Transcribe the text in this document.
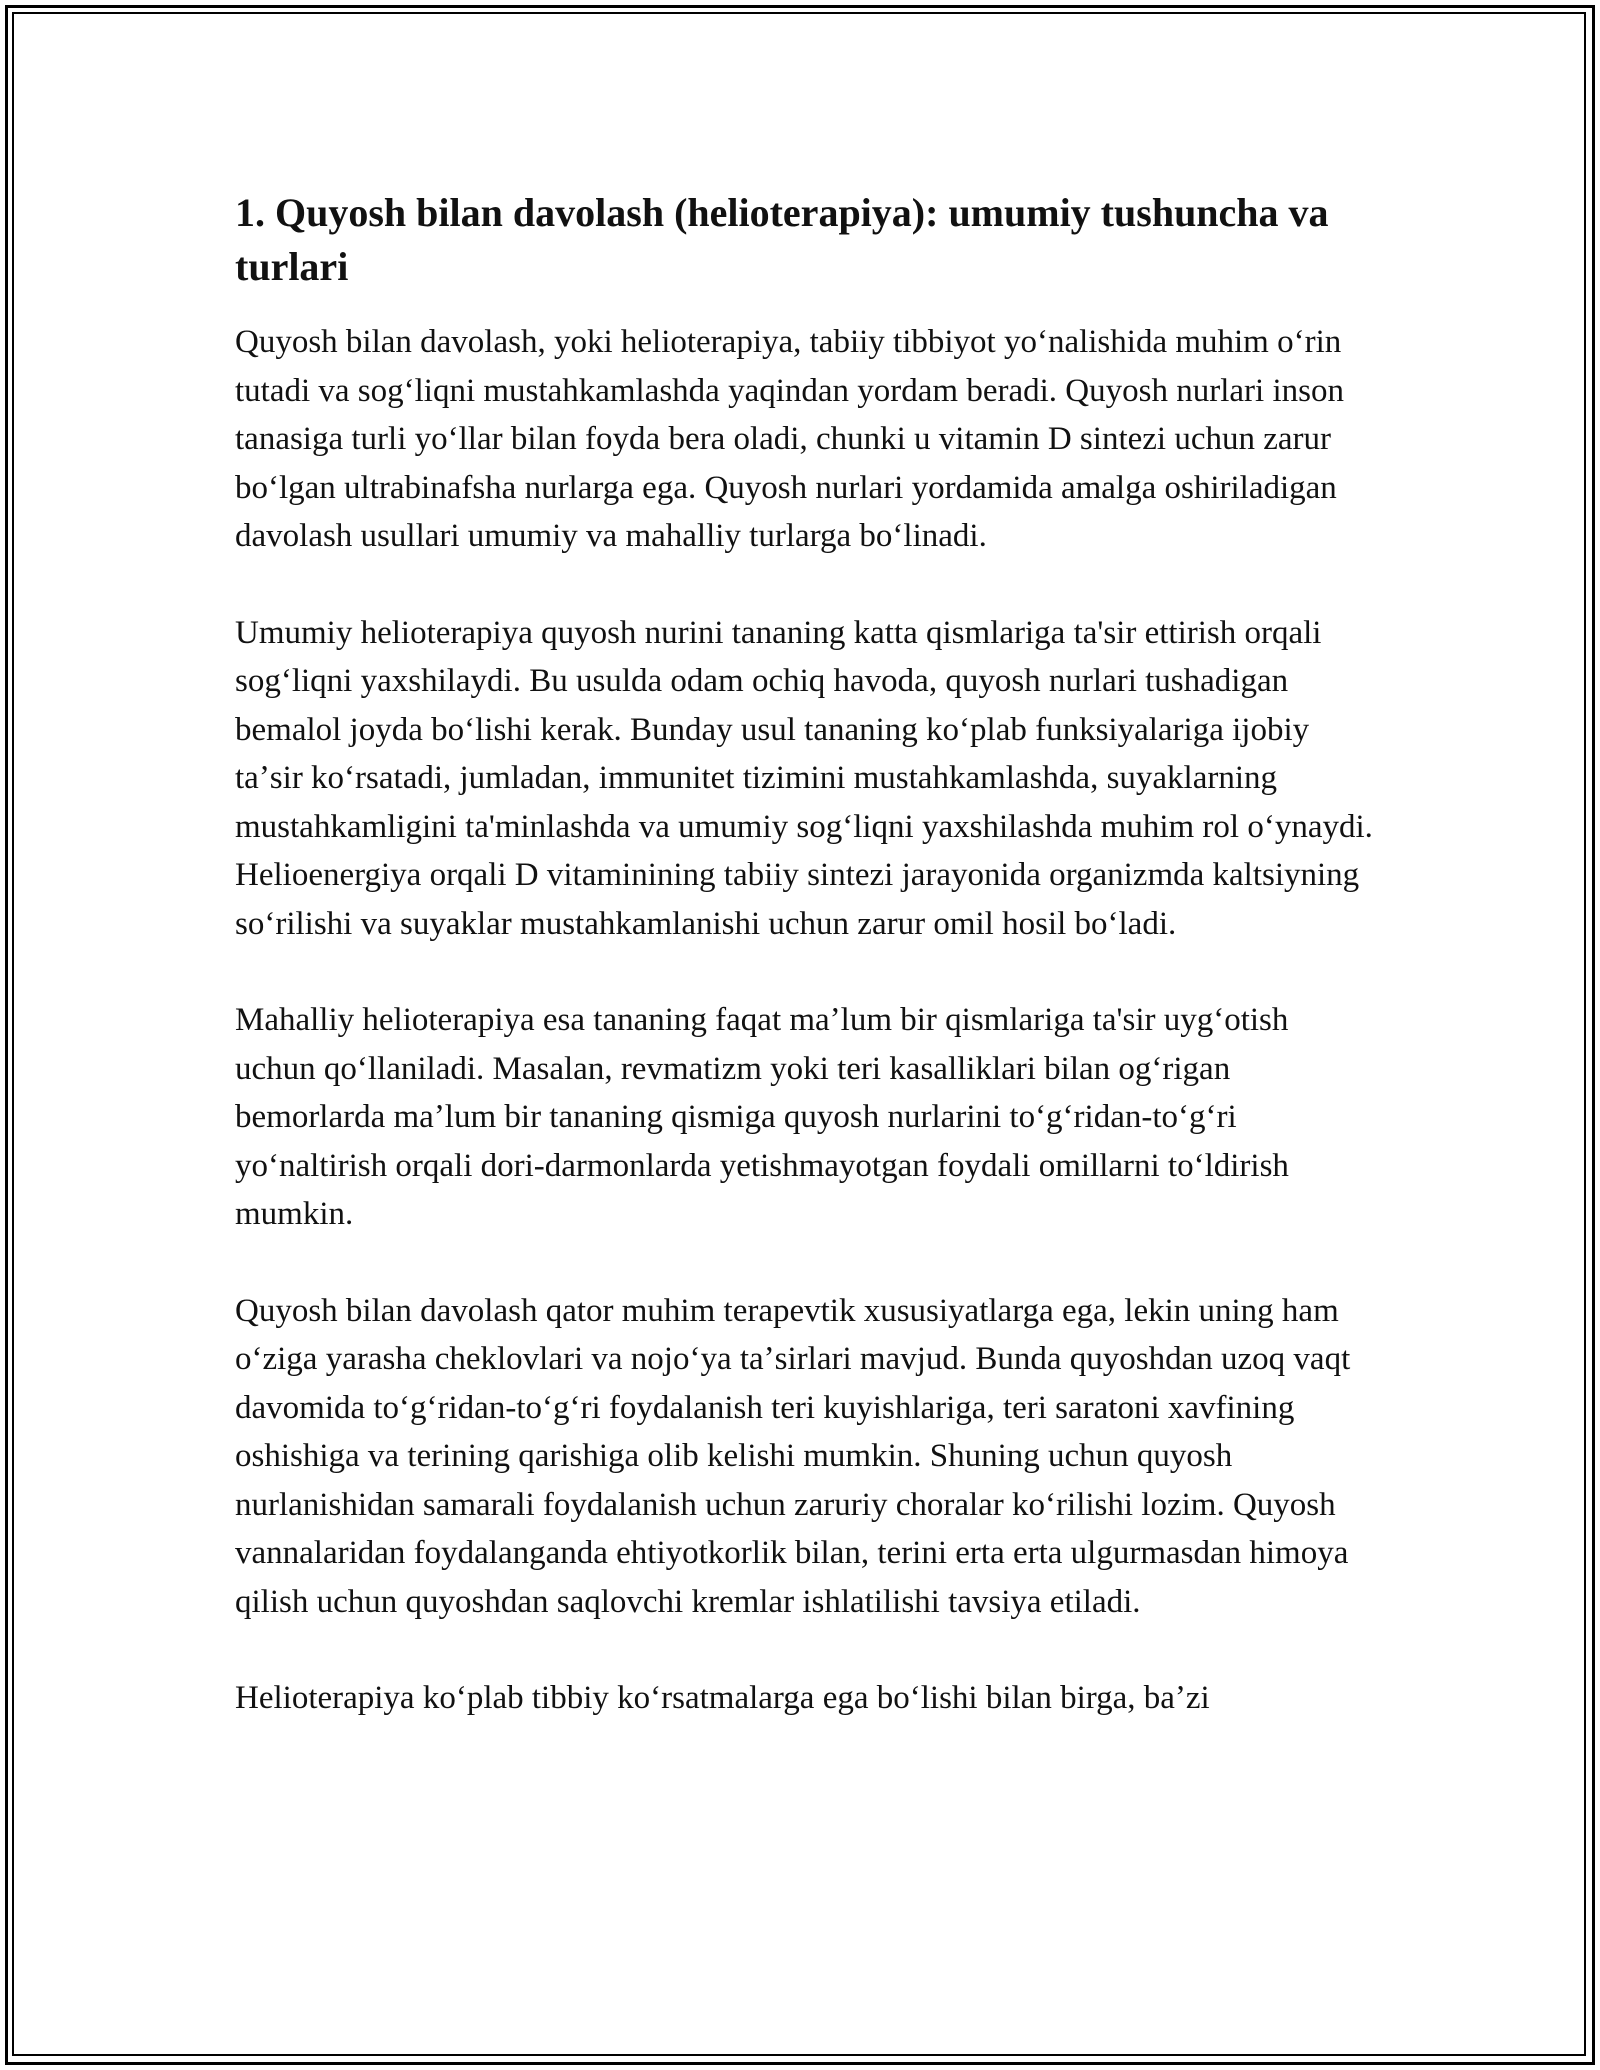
1. Quyosh bilan davolash (helioterapiya): umumiy tushuncha va turlari

Quyosh bilan davolash, yoki helioterapiya, tabiiy tibbiyot yoʻnalishida muhim oʻrin tutadi va sogʻliqni mustahkamlashda yaqindan yordam beradi. Quyosh nurlari inson tanasiga turli yoʻllar bilan foyda bera oladi, chunki u vitamin D sintezi uchun zarur boʻlgan ultrabinafsha nurlarga ega. Quyosh nurlari yordamida amalga oshiriladigan davolash usullari umumiy va mahalliy turlarga boʻlinadi.

Umumiy helioterapiya quyosh nurini tananing katta qismlariga ta'sir ettirish orqali sogʻliqni yaxshilaydi. Bu usulda odam ochiq havoda, quyosh nurlari tushadigan bemalol joyda boʻlishi kerak. Bunday usul tananing koʻplab funksiyalariga ijobiy taʼsir koʻrsatadi, jumladan, immunitet tizimini mustahkamlashda, suyaklarning mustahkamligini ta'minlashda va umumiy sogʻliqni yaxshilashda muhim rol oʻynaydi. Helioenergiya orqali D vitaminining tabiiy sintezi jarayonida organizmda kaltsiyning soʻrilishi va suyaklar mustahkamlanishi uchun zarur omil hosil boʻladi.

Mahalliy helioterapiya esa tananing faqat maʼlum bir qismlariga ta'sir uygʻotish uchun qoʻllaniladi. Masalan, revmatizm yoki teri kasalliklari bilan ogʻrigan bemorlarda maʼlum bir tananing qismiga quyosh nurlarini toʻgʻridan-toʻgʻri yoʻnaltirish orqali dori-darmonlarda yetishmayotgan foydali omillarni toʻldirish mumkin.

Quyosh bilan davolash qator muhim terapevtik xususiyatlarga ega, lekin uning ham oʻziga yarasha cheklovlari va nojoʻya taʼsirlari mavjud. Bunda quyoshdan uzoq vaqt davomida toʻgʻridan-toʻgʻri foydalanish teri kuyishlariga, teri saratoni xavfining oshishiga va terining qarishiga olib kelishi mumkin. Shuning uchun quyosh nurlanishidan samarali foydalanish uchun zaruriy choralar koʻrilishi lozim. Quyosh vannalaridan foydalanganda ehtiyotkorlik bilan, terini erta erta ulgurmasdan himoya qilish uchun quyoshdan saqlovchi kremlar ishlatilishi tavsiya etiladi.

Helioterapiya koʻplab tibbiy koʻrsatmalarga ega boʻlishi bilan birga, baʼzi
